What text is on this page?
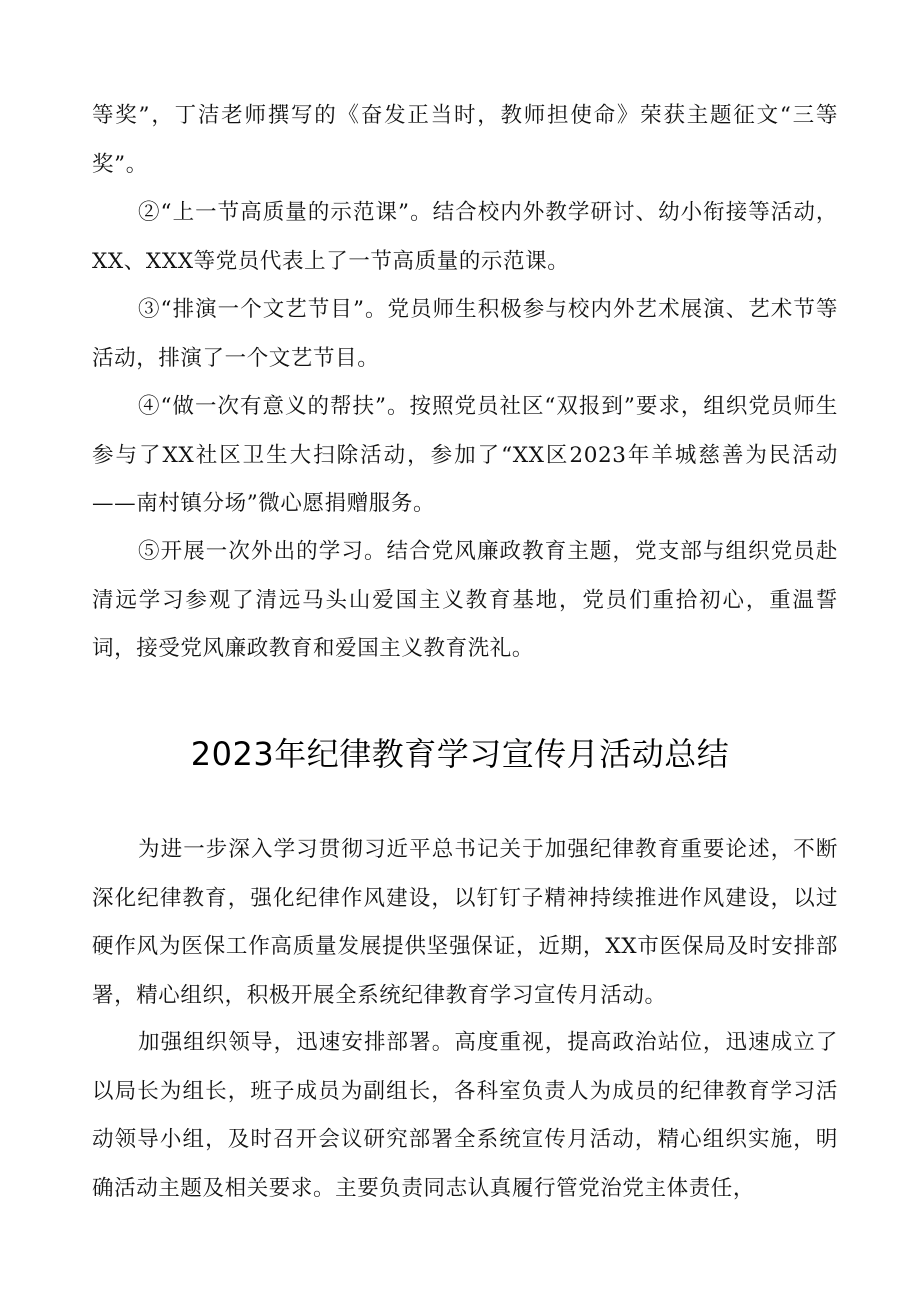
等奖”，丁洁老师撰写的《奋发正当时，教师担使命》荣获主题征文“三等奖”。

②“上一节高质量的示范课”。结合校内外教学研讨、幼小衔接等活动，XX、XXX等党员代表上了一节高质量的示范课。

③“排演一个文艺节目”。党员师生积极参与校内外艺术展演、艺术节等活动，排演了一个文艺节目。

④“做一次有意义的帮扶”。按照党员社区“双报到”要求，组织党员师生参与了XX社区卫生大扫除活动，参加了“XX区2023年羊城慈善为民活动——南村镇分场”微心愿捐赠服务。

⑤开展一次外出的学习。结合党风廉政教育主题，党支部与组织党员赴清远学习参观了清远马头山爱国主义教育基地，党员们重拾初心，重温誓词，接受党风廉政教育和爱国主义教育洗礼。

2023年纪律教育学习宣传月活动总结

为进一步深入学习贯彻习近平总书记关于加强纪律教育重要论述，不断深化纪律教育，强化纪律作风建设，以钉钉子精神持续推进作风建设，以过硬作风为医保工作高质量发展提供坚强保证，近期，XX市医保局及时安排部署，精心组织，积极开展全系统纪律教育学习宣传月活动。

加强组织领导，迅速安排部署。高度重视，提高政治站位，迅速成立了以局长为组长，班子成员为副组长，各科室负责人为成员的纪律教育学习活动领导小组，及时召开会议研究部署全系统宣传月活动，精心组织实施，明确活动主题及相关要求。主要负责同志认真履行管党治党主体责任，
